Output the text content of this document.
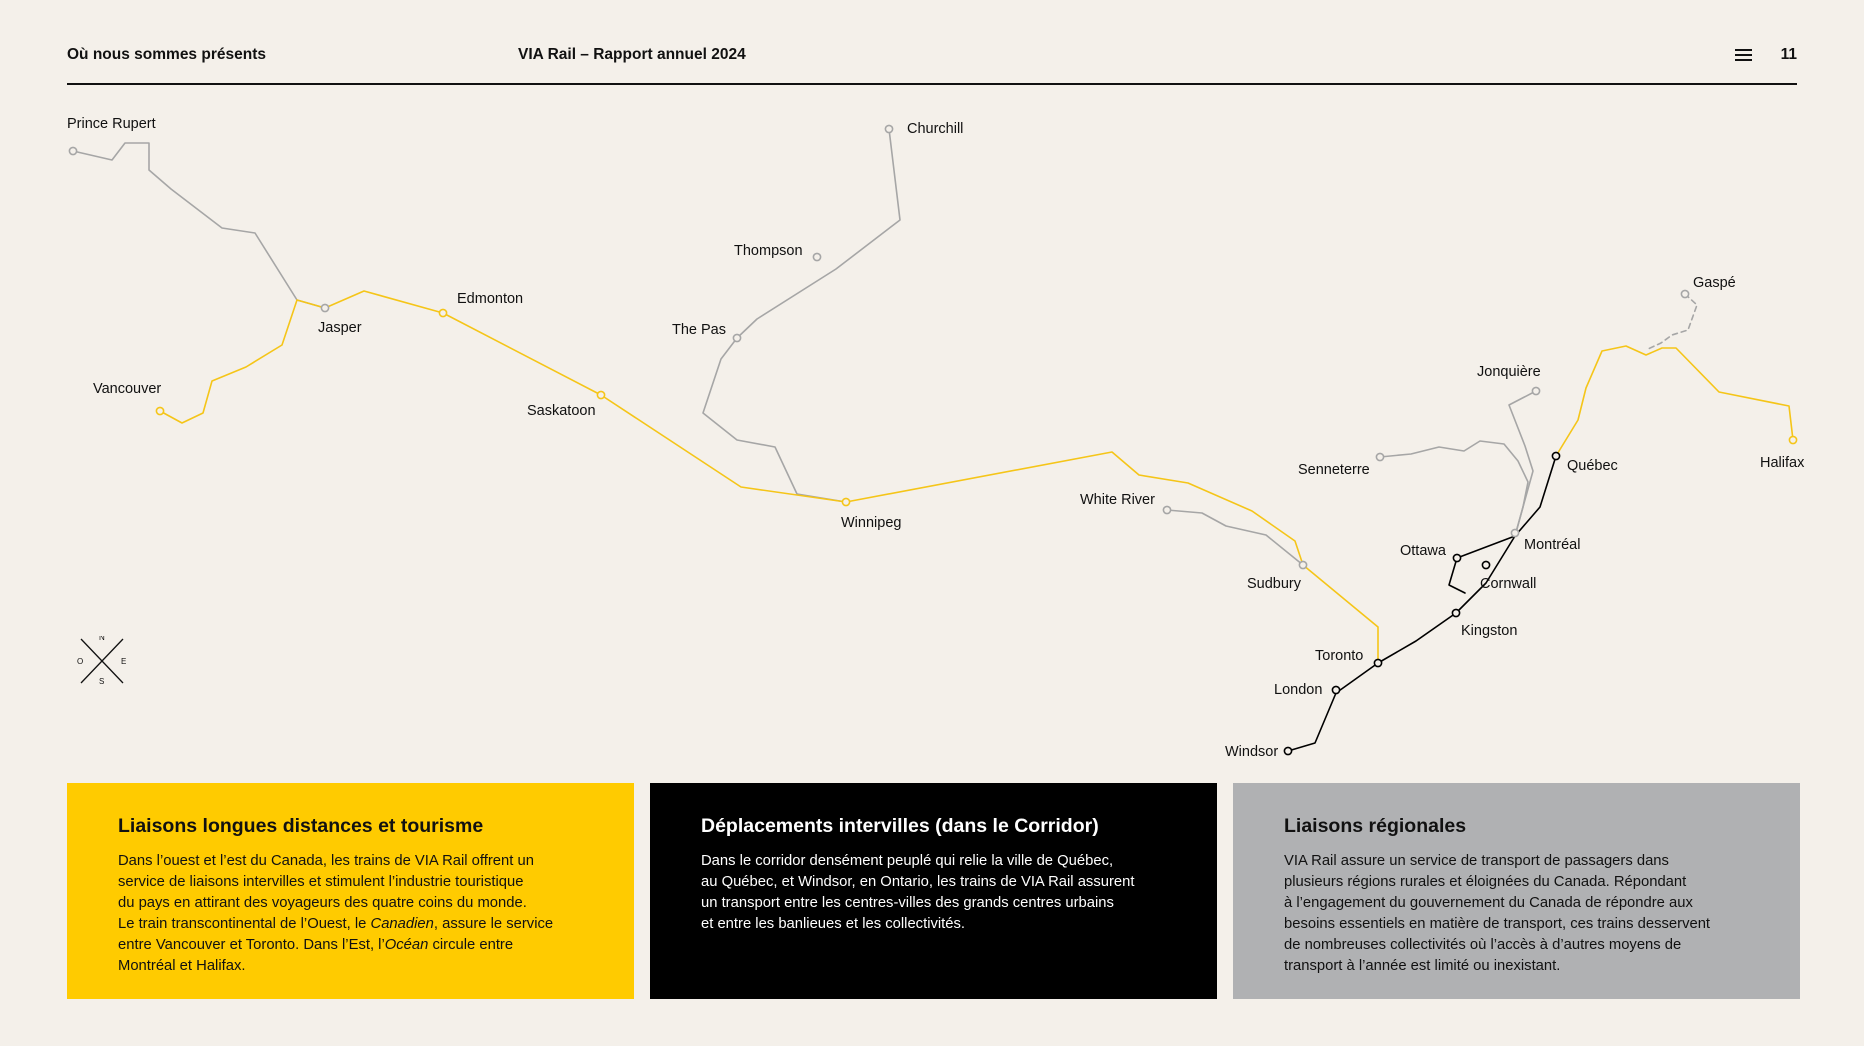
Où nous sommes présents	VIA Rail – Rapport annuel 2024	11
Prince Rupert
Jasper
Vancouver
Edmonton
Saskatoon
Winnipeg
Churchill
Thompson
The Pas
White River
Sudbury
Toronto
London
Windsor
Kingston
Cornwall
Ottawa	Montréal
Québec
Senneterre
Jonquière
Gaspé
Halifax
N
S
E
O
Liaisons longues distances et tourisme

Dans l’ouest et l’est du Canada, les trains de VIA Rail offrent un
service de liaisons intervilles et stimulent l’industrie touristique
du pays en attirant des voyageurs des quatre coins du monde.
Le train transcontinental de l’Ouest, le Canadien, assure le service
entre Vancouver et Toronto. Dans l’Est, l’Océan circule entre
Montréal et Halifax.

Déplacements intervilles (dans le Corridor)

Dans le corridor densément peuplé qui relie la ville de Québec,
au Québec, et Windsor, en Ontario, les trains de VIA Rail assurent
un transport entre les centres-villes des grands centres urbains
et entre les banlieues et les collectivités.

Liaisons régionales

VIA Rail assure un service de transport de passagers dans
plusieurs régions rurales et éloignées du Canada. Répondant
à l’engagement du gouvernement du Canada de répondre aux
besoins essentiels en matière de transport, ces trains desservent
de nombreuses collectivités où l’accès à d’autres moyens de
transport à l’année est limité ou inexistant.
